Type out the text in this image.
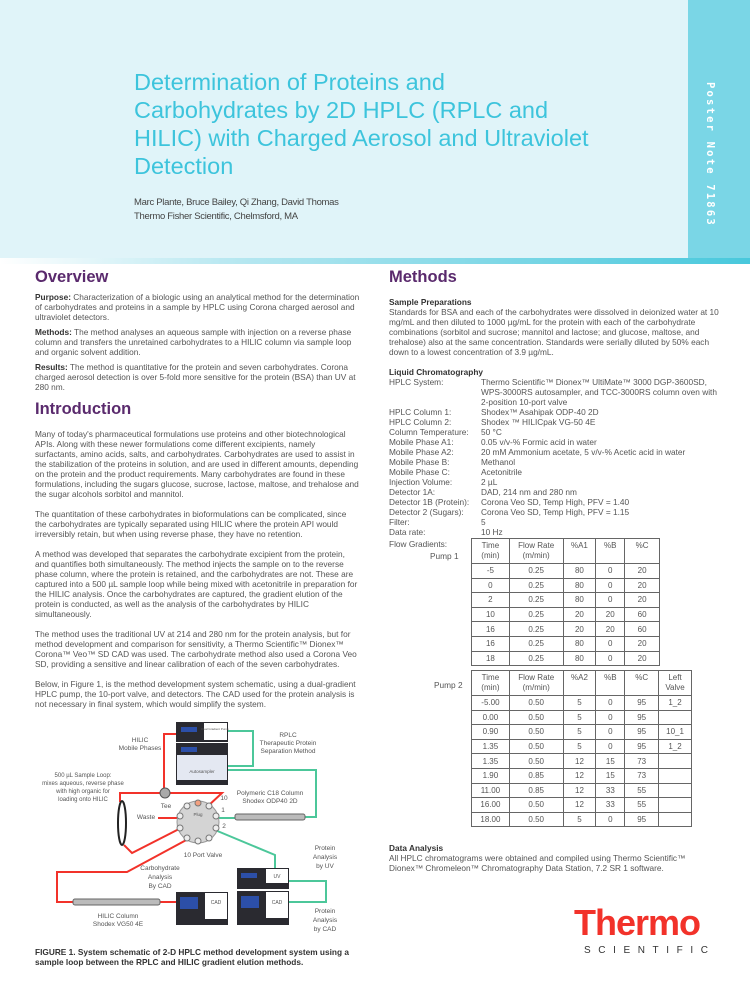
Poster Note 71863
Determination of Proteins and Carbohydrates by 2D HPLC (RPLC and HILIC) with Charged Aerosol and Ultraviolet Detection
Marc Plante, Bruce Bailey, Qi Zhang, David Thomas
Thermo Fisher Scientific, Chelmsford, MA
Overview
Purpose: Characterization of a biologic using an analytical method for the determination of carbohydrates and proteins in a sample by HPLC using Corona charged aerosol and ultraviolet detectors.
Methods: The method analyses an aqueous sample with injection on a reverse phase column and transfers the unretained carbohydrates to a HILIC column via sample loop and organic solvent addition.
Results: The method is quantitative for the protein and seven carbohydrates. Corona charged aerosol detection is over 5-fold more sensitive for the protein (BSA) than UV at 280 nm.
Introduction
Many of today's pharmaceutical formulations use proteins and other biotechnological APIs. Along with these newer formulations come different excipients, namely surfactants, amino acids, salts, and carbohydrates. Carbohydrates are used to assist in the stabilization of the proteins in solution, and are used in different amounts, depending on the protein and the product requirements. Many carbohydrates are found in these formulations, including the sugars glucose, sucrose, lactose, maltose, and trehalose and the sugar alcohols sorbitol and mannitol.
The quantitation of these carbohydrates in bioformulations can be complicated, since the carbohydrates are typically separated using HILIC where the protein API would irreversibly retain, but when using reverse phase, they have no retention.
A method was developed that separates the carbohydrate excipient from the protein, and quantifies both simultaneously. The method injects the sample on to the reverse phase column, where the protein is retained, and the carbohydrates are not. These are captured into a 500 µL sample loop while being mixed with acetonitrile in preparation for the HILIC analysis. Once the carbohydrates are captured, the gradient elution of the protein is conducted, as well as the analysis of the carbohydrates by HILIC simultaneously.
The method uses the traditional UV at 214 and 280 nm for the protein analysis, but for method development and comparison for sensitivity, a Thermo Scientific™ Dionex™ Corona™ Veo™ SD CAD was used. The carbohydrate method also used a Corona Veo SD, providing a sensitive and linear calibration of each of the seven carbohydrates.
Below, in Figure 1, is the method development system schematic, using a dual-gradient HPLC pump, the 10-port valve, and detectors. The CAD used for the protein analysis is not necessary in final system, which would simplify the system.
Dual Gradient Pump
Autosampler
Plug
CAD
UV
CAD
HILIC
Mobile Phases
RPLC
Therapeutic Protein
Separation Method
500 µL Sample Loop:
mixes aqueous, reverse phase
with high organic for
loading onto HILIC
Tee
Waste
10
1
2
Polymeric C18 Column
Shodex ODP40 2D
10 Port Valve
Carbohydrate
Analysis
By CAD
Protein
Analysis
by UV
Protein
Analysis
by CAD
HILIC Column
Shodex VG50 4E
FIGURE 1. System schematic of 2-D HPLC method development system using a sample loop between the RPLC and HILIC gradient elution methods.
Methods
Sample Preparations
Standards for BSA and each of the carbohydrates were dissolved in deionized water at 10 mg/mL and then diluted to 1000 µg/mL for the protein with each of the carbohydrate combinations (sorbitol and sucrose; mannitol and lactose; and glucose, maltose, and trehalose) also at the same concentration. Standards were serially diluted by 50% each down to a lowest concentration of 3.9 µg/mL.
Liquid Chromatography
HPLC System:	Thermo Scientific™ Dionex™ UltiMate™ 3000 DGP-3600SD, WPS-3000RS autosampler, and TCC-3000RS column oven with 2-position 10-port valve
HPLC Column 1:	Shodex™ Asahipak ODP-40 2D
HPLC Column 2:	Shodex ™ HILICpak VG-50 4E
Column Temperature:	50 °C
Mobile Phase A1:	0.05 v/v-% Formic acid in water
Mobile Phase A2:	20 mM Ammonium acetate, 5 v/v-% Acetic acid in water
Mobile Phase B:	Methanol
Mobile Phase C:	Acetonitrile
Injection Volume:	2 µL
Detector 1A:	DAD, 214 nm and 280 nm
Detector 1B (Protein):	Corona Veo SD, Temp High, PFV = 1.40
Detector 2 (Sugars):	Corona Veo SD, Temp High, PFV = 1.15
Filter:	5
Data rate:	10 Hz
Flow Gradients:
Pump 1
Time (min)	Flow Rate (m/min)	%A1	%B	%C
-5	0.25	80	0	20
0	0.25	80	0	20
2	0.25	80	0	20
10	0.25	20	20	60
16	0.25	20	20	60
16	0.25	80	0	20
18	0.25	80	0	20
Pump 2
Time (min)	Flow Rate (m/min)	%A2	%B	%C	Left Valve
-5.00	0.50	5	0	95	1_2
0.00	0.50	5	0	95	
0.90	0.50	5	0	95	10_1
1.35	0.50	5	0	95	1_2
1.35	0.50	12	15	73	
1.90	0.85	12	15	73	
11.00	0.85	12	33	55	
16.00	0.50	12	33	55	
18.00	0.50	5	0	95	
Data Analysis
All HPLC chromatograms were obtained and compiled using Thermo Scientific™ Dionex™ Chromeleon™ Chromatography Data Station, 7.2 SR 1 software.
Thermo
SCIENTIFIC
